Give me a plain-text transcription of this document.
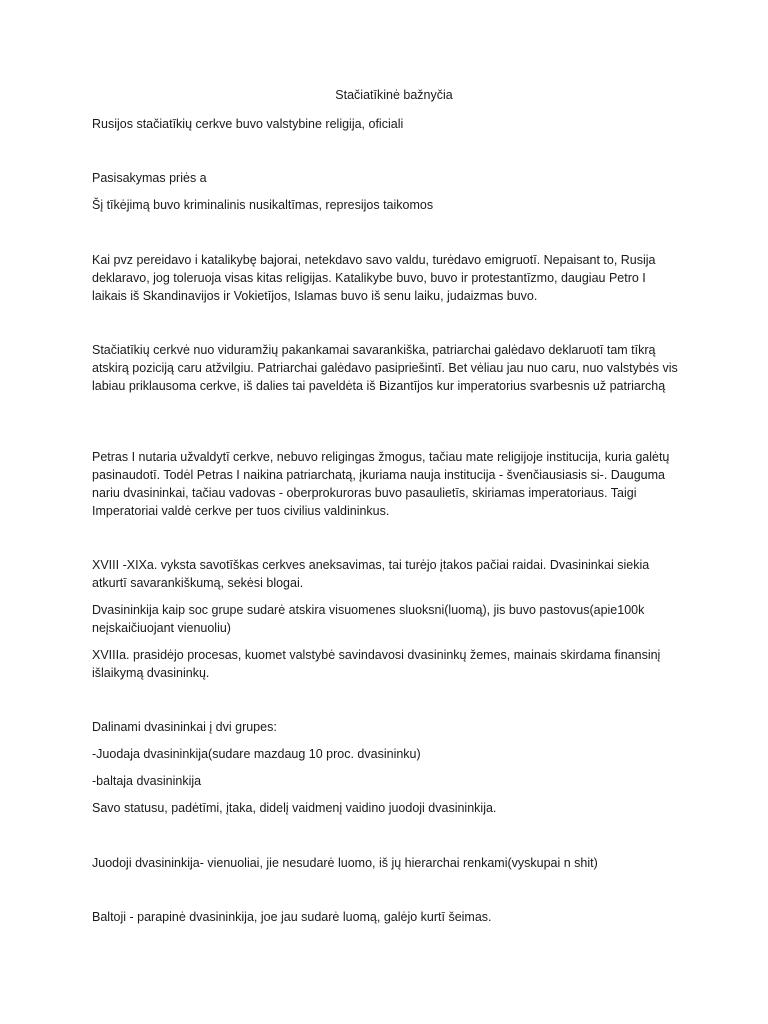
Stačiatīkinė bažnyčia

Rusijos stačiatīkių cerkve buvo valstybine religija, oficiali

Pasisakymas priės a

Šį tīkėjimą buvo kriminalinis nusikaltīmas, represijos taikomos

Kai pvz pereidavo i katalikybę bajorai, netekdavo savo valdu, turėdavo emigruotī. Nepaisant to, Rusija deklaravo, jog toleruoja visas kitas religijas. Katalikybe buvo, buvo ir protestantīzmo, daugiau Petro I laikais iš Skandinavijos ir Vokietījos, Islamas buvo iš senu laiku, judaizmas buvo.

Stačiatīkių cerkvė nuo viduramžių pakankamai savarankiška, patriarchai galėdavo deklaruotī tam tīkrą atskirą poziciją caru atžvilgiu. Patriarchai galėdavo pasipriešintī. Bet vėliau jau nuo caru, nuo valstybės vis labiau priklausoma cerkve, iš dalies tai paveldėta iš Bizantījos kur imperatorius svarbesnis už patriarchą

Petras I nutaria užvaldytī cerkve, nebuvo religingas žmogus, tačiau mate religijoje institucija, kuria galėtų pasinaudotī. Todėl Petras I naikina patriarchatą, įkuriama nauja institucija - švenčiausiasis si-. Dauguma nariu dvasininkai, tačiau vadovas - oberprokuroras buvo pasaulietīs, skiriamas imperatoriaus. Taigi Imperatoriai valdė cerkve per tuos civilius valdininkus.

XVIII -XIXa. vyksta savotīškas cerkves aneksavimas, tai turėjo įtakos pačiai raidai. Dvasininkai siekia atkurtī savarankiškumą, sekėsi blogai.

Dvasininkija kaip soc grupe sudarė atskira visuomenes sluoksni(luomą), jis buvo pastovus(apie100k neįskaičiuojant vienuoliu)

XVIIIa. prasidėjo procesas, kuomet valstybė savindavosi dvasininkų žemes, mainais skirdama finansinį išlaikymą dvasininkų.

Dalinami dvasininkai į dvi grupes:

-Juodaja dvasininkija(sudare mazdaug 10 proc. dvasininku)

-baltaja dvasininkija

Savo statusu, padėtīmi, įtaka, didelį vaidmenį vaidino juodoji dvasininkija.

Juodoji dvasininkija- vienuoliai, jie nesudarė luomo, iš jų hierarchai renkami(vyskupai n shit)

Baltoji - parapinė dvasininkija, joe jau sudarė luomą, galėjo kurtī šeimas.
